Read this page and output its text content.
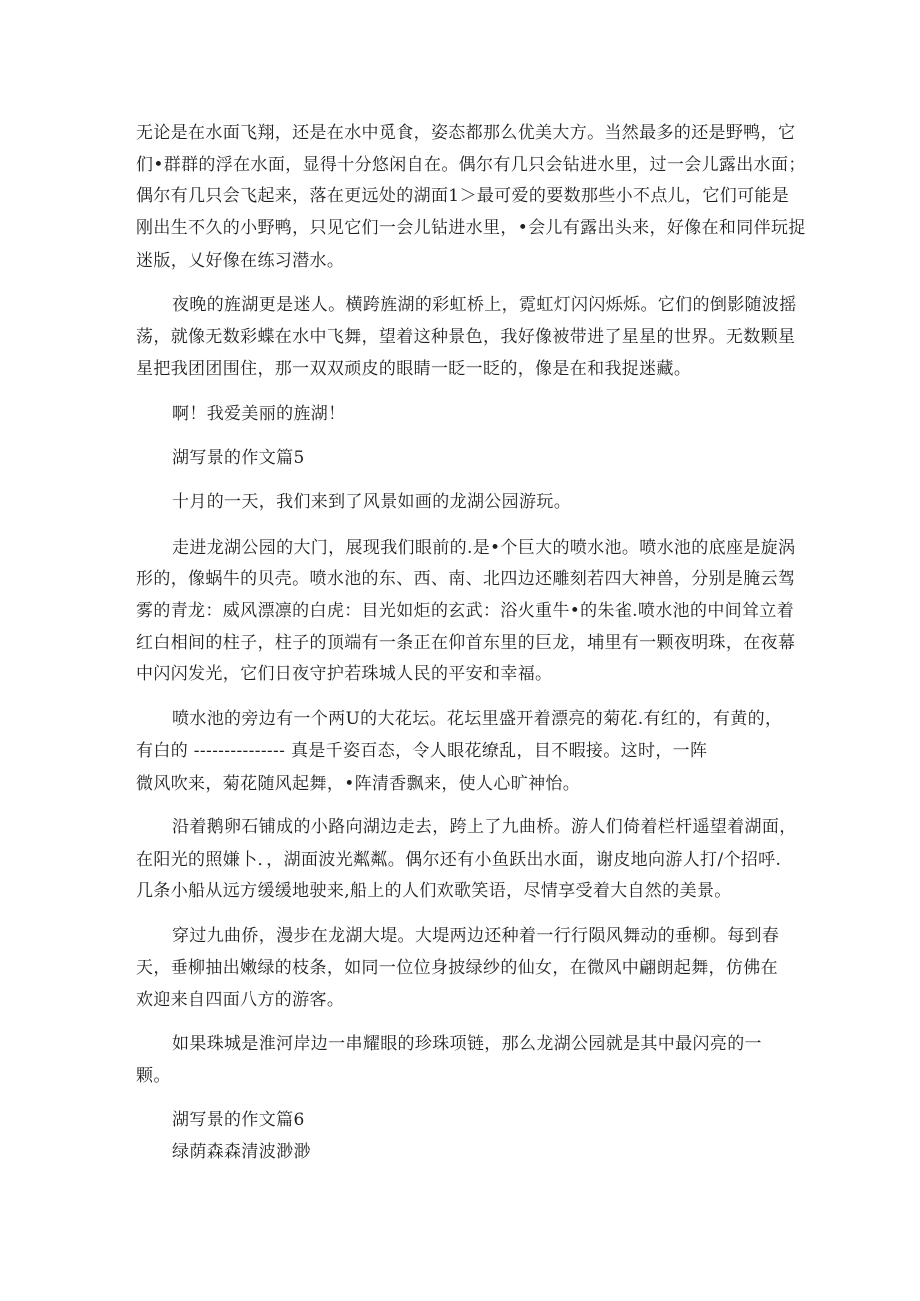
无论是在水面飞翔，还是在水中觅食，姿态都那么优美大方。当然最多的还是野鸭，它
们•群群的浮在水面，显得十分悠闲自在。偶尔有几只会钻进水里，过一会儿露出水面；
偶尔有几只会飞起来，落在更远处的湖面1＞最可爱的要数那些小不点儿，它们可能是
刚出生不久的小野鸭，只见它们一会儿钻进水里，•会儿有露出头来，好像在和同伴玩捉
迷版，乂好像在练习潜水。
夜晚的旌湖更是迷人。横跨旌湖的彩虹桥上，霓虹灯闪闪烁烁。它们的倒影随波摇
荡，就像无数彩蝶在水中飞舞，望着这种景色，我好像被带进了星星的世界。无数颗星
星把我团团围住，那一双双顽皮的眼睛一眨一眨的，像是在和我捉迷藏。
啊！我爱美丽的旌湖！
湖写景的作文篇5
十月的一天，我们来到了风景如画的龙湖公园游玩。
走进龙湖公园的大门，展现我们眼前的.是•个巨大的喷水池。喷水池的底座是旋涡
形的，像蜗牛的贝壳。喷水池的东、西、南、北四边还雕刻若四大神兽，分别是腌云驾
雾的青龙：威风漂凛的白虎：目光如炬的玄武：浴火重牛•的朱雀.喷水池的中间耸立着
红白相间的柱子，柱子的顶端有一条正在仰首东里的巨龙，埔里有一颗夜明珠，在夜幕
中闪闪发光，它们日夜守护若珠城人民的平安和幸福。
喷水池的旁边有一个两U的大花坛。花坛里盛开着漂亮的菊花.有红的，有黄的，
有白的 --------------- 真是千姿百态，令人眼花缭乱，目不暇接。这时，一阵
微风吹来，菊花随风起舞，•阵清香飘来，使人心旷神怡。
沿着鹅卵石铺成的小路向湖边走去，跨上了九曲桥。游人们倚着栏杆遥望着湖面，
在阳光的照嫌卜．，湖面波光粼粼。偶尔还有小鱼跃出水面，谢皮地向游人打/个招呼.
几条小船从远方缓缓地驶来,船上的人们欢歌笑语，尽情享受着大自然的美景。
穿过九曲侨，漫步在龙湖大堤。大堤两边还种着一行行陨风舞动的垂柳。每到春
天，垂柳抽出嫩绿的枝条，如同一位位身披绿纱的仙女，在微风中翩朗起舞，仿佛在
欢迎来自四面八方的游客。
如果珠城是淮河岸边一串耀眼的珍珠项链，那么龙湖公园就是其中最闪亮的一
颗。
湖写景的作文篇6
绿荫森森清波渺渺
